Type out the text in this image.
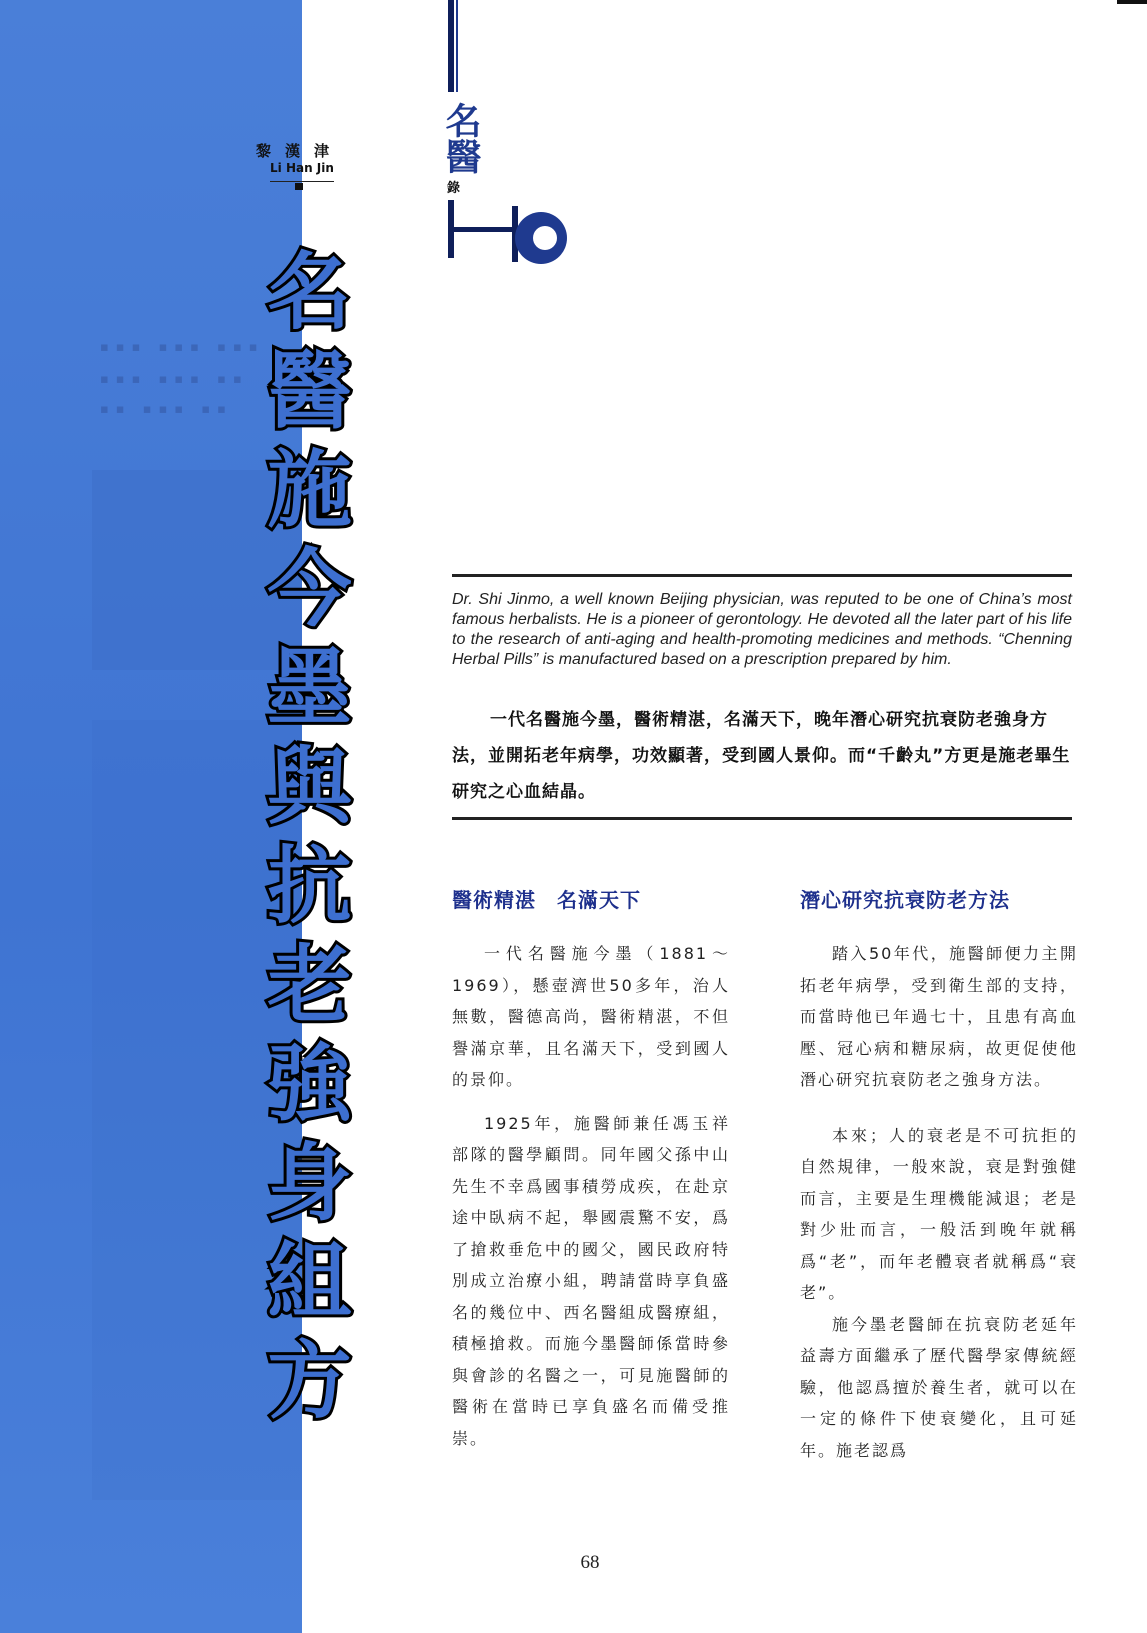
▪▪▪ ▪▪▪ ▪▪▪
▪▪▪ ▪▪▪ ▪▪
▪▪ ▪▪▪ ▪▪
黎漢津
Li Han Jin
名
醫
施
今
墨
與
抗
老
強
身
組
方
名醫
錄
Dr. Shi Jinmo, a well known Beijing physician, was reputed to be one of China’s most famous herbalists. He is a pioneer of gerontology. He devoted all the later part of his life to the research of anti-aging and health-promoting medicines and methods. “Chenning Herbal Pills” is manufactured based on a prescription prepared by him.
一代名醫施今墨，醫術精湛，名滿天下，晚年潛心研究抗衰防老強身方法，並開拓老年病學，功效顯著，受到國人景仰。而“千齡丸”方更是施老畢生研究之心血結晶。
醫術精湛　名滿天下	潛心研究抗衰防老方法

一代名醫施今墨（1881～1969），懸壺濟世50多年，治人無數，醫德高尚，醫術精湛，不但譽滿京華，且名滿天下，受到國人的景仰。

1925年，施醫師兼任馮玉祥部隊的醫學顧問。同年國父孫中山先生不幸爲國事積勞成疾，在赴京途中臥病不起，舉國震驚不安，爲了搶救垂危中的國父，國民政府特別成立治療小組，聘請當時享負盛名的幾位中、西名醫組成醫療組，積極搶救。而施今墨醫師係當時參與會診的名醫之一，可見施醫師的醫術在當時已享負盛名而備受推崇。

踏入50年代，施醫師便力主開拓老年病學，受到衛生部的支持，而當時他已年過七十，且患有高血壓、冠心病和糖尿病，故更促使他潛心研究抗衰防老之強身方法。

本來；人的衰老是不可抗拒的自然規律，一般來說，衰是對強健而言，主要是生理機能減退；老是對少壯而言，一般活到晚年就稱爲“老”，而年老體衰者就稱爲“衰老”。

施今墨老醫師在抗衰防老延年益壽方面繼承了歷代醫學家傳統經驗，他認爲擅於養生者，就可以在一定的條件下使衰變化，且可延年。施老認爲

68
